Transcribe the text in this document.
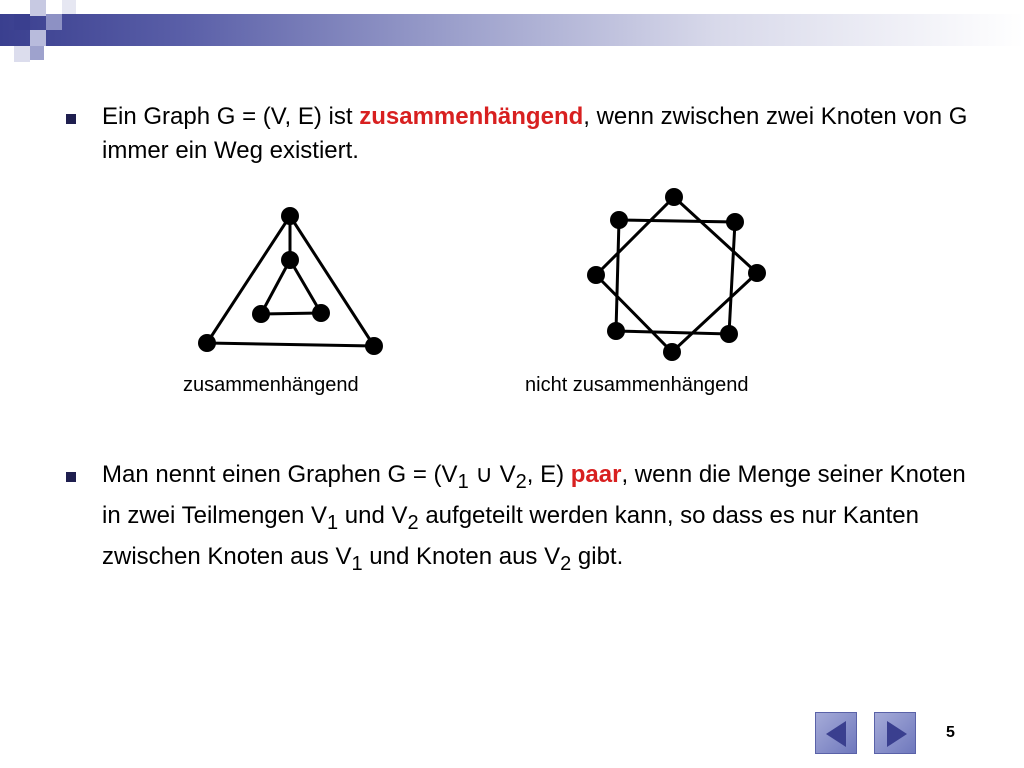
Ein Graph G = (V, E) ist zusammenhängend, wenn zwischen zwei Knoten von G immer ein Weg existiert.
zusammenhängend	nicht zusammenhängend
Man nennt einen Graphen $G = (V_1$ ∪ $V_2$, E) paar, wenn die Menge seiner Knoten in zwei Teilmengen $V_1$ und $V_2$ aufgeteilt werden kann, so dass es nur Kanten zwischen Knoten aus $V_1$ und Knoten aus $V_2$ gibt.
5
